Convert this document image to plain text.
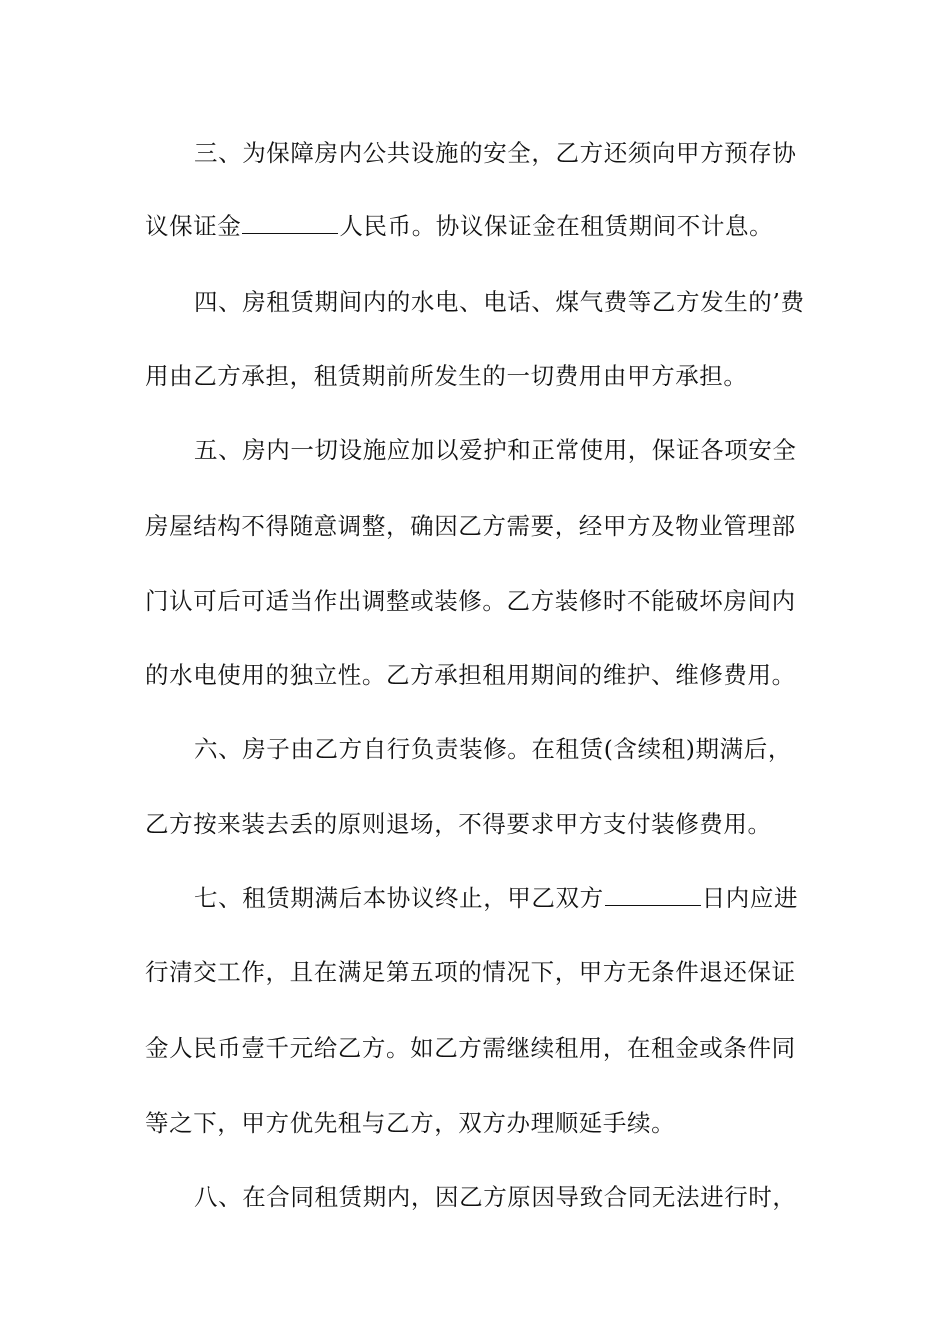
三、为保障房内公共设施的安全，乙方还须向甲方预存协
议保证金	人民币。协议保证金在租赁期间不计息。
四、房租赁期间内的水电、电话、煤气费等乙方发生的’费
用由乙方承担，租赁期前所发生的一切费用由甲方承担。
五、房内一切设施应加以爱护和正常使用，保证各项安全
房屋结构不得随意调整，确因乙方需要，经甲方及物业管理部
门认可后可适当作出调整或装修。乙方装修时不能破坏房间内
的水电使用的独立性。乙方承担租用期间的维护、维修费用。
六、房子由乙方自行负责装修。在租赁(含续租)期满后，
乙方按来装去丢的原则退场，不得要求甲方支付装修费用。
七、租赁期满后本协议终止，甲乙双方	日内应进
行清交工作，且在满足第五项的情况下，甲方无条件退还保证
金人民币壹千元给乙方。如乙方需继续租用，在租金或条件同
等之下，甲方优先租与乙方，双方办理顺延手续。
八、在合同租赁期内，因乙方原因导致合同无法进行时，
